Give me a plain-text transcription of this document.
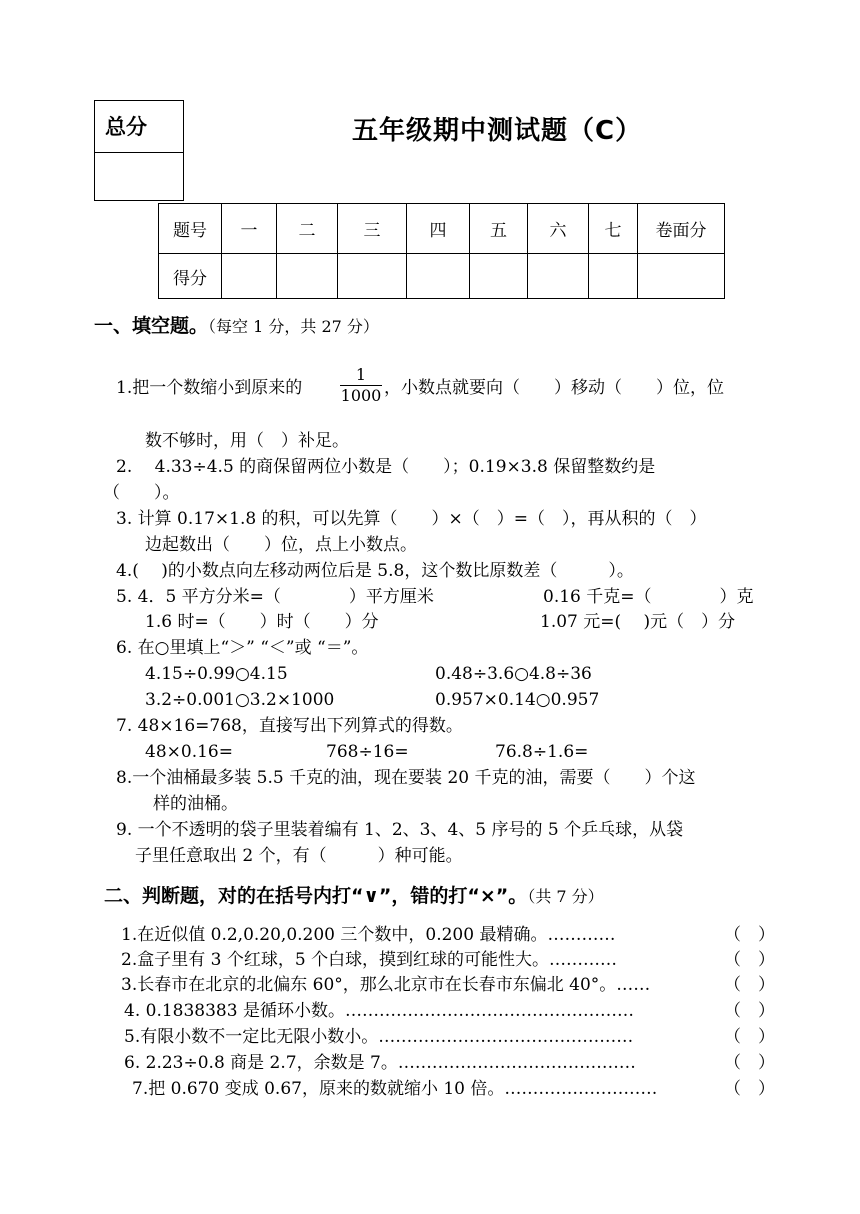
总分	五年级期中测试题（C）
题号	一	二	三	四	五	六	七	卷面分
得分								
一、填空题。（每空 1 分，共 27 分）
1.把一个数缩小到原来的 $\frac{1}{1000}$ ，小数点就要向（　　）移动（　　）位，位
数不够时，用（　）补足。
2.　 4.33÷4.5 的商保留两位小数是（　　）；0.19×3.8 保留整数约是
（　　）。
3. 计算 0.17×1.8 的积，可以先算（　　）×（　）=（　），再从积的（　）
边起数出（　　）位，点上小数点。
4.(　 )的小数点向左移动两位后是 5.8，这个数比原数差（　　　）。
5. 4．5 平方分米=（　　　　）平方厘米	0.16 千克=（　　　　）克
1.6 时=（　　）时（　　）分	1.07 元=(　 )元（　）分
6. 在○里填上“＞” “＜”或 “＝”。
4.15÷0.99○4.15	0.48÷3.6○4.8÷36
3.2÷0.001○3.2×1000	0.957×0.14○0.957
7. 48×16=768，直接写出下列算式的得数。
48×0.16=	768÷16=	76.8÷1.6=
8.一个油桶最多装 5.5 千克的油，现在要装 20 千克的油，需要（　　）个这
样的油桶。
9. 一个不透明的袋子里装着编有 1、2、3、4、5 序号的 5 个乒乓球，从袋
子里任意取出 2 个，有（　　　）种可能。
二、判断题，对的在括号内打“∨”，错的打“×”。（共 7 分）
1.在近似值 0.2,0.20,0.200 三个数中，0.200 最精确。…………	（　）
2.盒子里有 3 个红球，5 个白球，摸到红球的可能性大。…………	（　）
3.长春市在北京的北偏东 60°，那么北京市在长春市东偏北 40°。……	（　）
4. 0.1838383 是循环小数。……………………………………………	（　）
5.有限小数不一定比无限小数小。………………………………………	（　）
6. 2.23÷0.8 商是 2.7，余数是 7。……………………………………	（　）
7.把 0.670 变成 0.67，原来的数就缩小 10 倍。………………………	（　）
